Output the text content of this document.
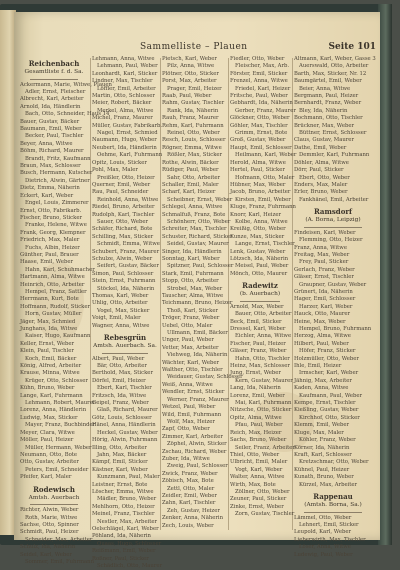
Sammelliste – Plauen	Seite 101
Reichenbach
Gesamtliste f. d. Sa.
Ackermann, Marie, Witwe, Plauen
Adler, Ernst, Fleischer
Albrecht, Karl, Arbeiter
Arnold, Ida, Händlerin
Bach, Otto, Schneider, Haus 14
Bauer, Gustav, Bäcker
Baumann, Emil, Weber
Becker, Paul, Tischler
Beyer, Anna, Witwe
Böhm, Richard, Maurer
Brandt, Fritz, Kaufmann
Braun, Max, Schlosser
Busch, Hermann, Kutscher
Dietrich, Alwin, Gärtner
Dietz, Emma, Näherin
Eckert, Karl, Weber
Engel, Louis, Zimmerer
Ernst, Otto, Fabrikarb.
Fischer, Bruno, Sticker
Franke, Helene, Witwe
Frank, Georg, Klempner
Friedrich, Max, Maler
Fuchs, Albin, Heizer
Günther, Paul, Brauer
Haase, Emil, Weber
Hahn, Karl, Schuhmacher
Hartmann, Alma, Witwe
Heinrich, Otto, Arbeiter
Hempel, Franz, Sattler
Herrmann, Kurt, Bote
Hoffmann, Rudolf, Sticker
Horn, Gustav, Müller
Jäger, Max, Schmied
Junghans, Ida, Witwe
Kaiser, Hugo, Kaufmann
Keller, Ernst, Weber
Klein, Paul, Tischler
Koch, Emil, Bäcker
König, Alfred, Arbeiter
Krause, Minna, Witwe
Krüger, Otto, Schlosser
Kühn, Bruno, Weber
Lange, Karl, Fuhrmann
Lehmann, Robert, Maurer
Lorenz, Anna, Händlerin
Ludwig, Max, Sticker
Mayer, Franz, Buchbinder
Meyer, Clara, Witwe
Möller, Paul, Heizer
Müller, Hermann, Weber
Neumann, Otto, Bote
Otto, Gustav, Arbeiter
Peters, Emil, Schneider
Pfeifer, Karl, Maler
Rodewisch
Amtsh. Auerbach
Richter, Alwin, Weber
Roth, Marie, Witwe
Sachse, Otto, Spinner
Schmidt, Paul, Heizer
Schneider, Max, Arbeiter
Schulz, Ida, Näherin
Seidel, Karl, Weber
Sommer, Emil, Fuhrmann
Lehmann, Anna, Witwe
Lehmann, Paul, Weber
Leonhardt, Karl, Sticker
Lindner, Max, Tischler
Löffler, Emil, Arbeiter
Martin, Otto, Schlosser
Meier, Robert, Bäcker
Merkel, Alma, Witwe
Michel, Franz, Maurer
Müller, Gustav, Fabrikarb.
Nagel, Ernst, Schmied
Naumann, Hugo, Weber
Neubert, Ida, Händlerin
Oehme, Karl, Fuhrmann
Opitz, Louis, Sticker
Pohl, Max, Maler
Preißler, Otto, Heizer
Querner, Emil, Weber
Rau, Paul, Schneider
Reinhold, Anna, Witwe
Riedel, Bruno, Arbeiter
Rudolph, Karl, Tischler
Sauer, Otto, Weber
Schäfer, Richard, Bote
Schilling, Max, Sticker
Schmidt, Emma, Witwe
Schubert, Franz, Maurer
Schulze, Alwin, Weber
Seifert, Gustav, Bäcker
Simon, Paul, Schlosser
Stein, Ernst, Fuhrmann
Stöckel, Ida, Näherin
Thomas, Karl, Weber
Uhlig, Otto, Arbeiter
Vogel, Max, Sticker
Voigt, Emil, Maler
Wagner, Anna, Witwe
Rebesgrün
Amtsh. Auerbach. Sa.
Albert, Paul, Weber
Bär, Otto, Arbeiter
Berthold, Max, Sticker
Dörfel, Emil, Heizer
Ebert, Karl, Tischler
Fritzsch, Ida, Witwe
Geipel, Franz, Weber
Glaß, Richard, Maurer
Götz, Louis, Schlosser
Hänel, Anna, Händlerin
Heckel, Gustav, Weber
Hörig, Alwin, Fuhrmann
Illing, Otto, Arbeiter
Jahn, Max, Bäcker
Kämpf, Emil, Sticker
Kästner, Karl, Weber
Kunzmann, Paul, Maler
Leistner, Ernst, Bote
Löscher, Emma, Witwe
Mädler, Bruno, Weber
Mehlhorn, Otto, Heizer
Meinel, Franz, Tischler
Nestler, Max, Arbeiter
Oelschlägel, Karl, Weber
Pöhland, Ida, Näherin
Quaas, Hugo, Schlosser
Reißmann, Emil, Weber
Roßner, Paul, Sticker
Schädlich, Otto, Maurer
Pietsch, Karl, Weber
Pilz, Anna, Witwe
Plötner, Otto, Sticker
Porst, Max, Arbeiter
Prager, Emil, Heizer
Raab, Paul, Weber
Rahm, Gustav, Tischler
Rank, Ida, Näherin
Rauh, Franz, Maurer
Rehm, Karl, Fuhrmann
Reinel, Otto, Weber
Resch, Louis, Schlosser
Rögner, Emma, Witwe
Rößler, Max, Sticker
Rothe, Alwin, Bäcker
Rüdiger, Paul, Weber
Sahr, Otto, Arbeiter
Schaller, Emil, Maler
Scharf, Karl, Heizer
Scheibner, Ernst, Weber
Schlegel, Anna, Witwe
Schmalfuß, Franz, Bote
Schönherr, Otto, Weber
Schreiter, Max, Tischler
Schuster, Richard, Sticker
Seidel, Gustav, Maurer
Singer, Ida, Händlerin
Sonntag, Karl, Weber
Spitzner, Paul, Schlosser
Stark, Emil, Fuhrmann
Stopp, Otto, Arbeiter
Strobel, Max, Weber
Tauscher, Alma, Witwe
Teichmann, Bruno, Heizer
Thoß, Karl, Sticker
Tröger, Franz, Weber
Uebel, Otto, Maler
Ullmann, Emil, Bäcker
Unger, Paul, Weber
Vetter, Max, Arbeiter
Viehweg, Ida, Näherin
Wächter, Karl, Weber
Walther, Otto, Tischler
Weidauer, Gustav, Schlosser
Weiß, Anna, Witwe
Wendler, Ernst, Sticker
Werner, Franz, Maurer
Wetzel, Paul, Weber
Wild, Emil, Fuhrmann
Wolf, Max, Heizer
Zapf, Otto, Weber
Zimmer, Karl, Arbeiter
Zöphel, Alwin, Sticker
Zschau, Richard, Weber
Zuber, Ida, Witwe
Zweig, Paul, Schlosser
Zwick, Franz, Weber
Zöbisch, Max, Bote
Zettl, Otto, Maler
Zeidler, Emil, Weber
Zahn, Karl, Tischler
Zeh, Gustav, Heizer
Zenker, Anna, Näherin
Zech, Louis, Weber
Fiedler, Otto, Weber
Fleischer, Max, Arb.
Förster, Emil, Sticker
Frenzel, Anna, Witwe
Friedel, Karl, Heizer
Fritsche, Paul, Weber
Gebhardt, Ida, Näherin
Gerber, Franz, Maurer
Glöckner, Otto, Weber
Göhler, Max, Tischler
Grimm, Ernst, Bote
Groß, Gustav, Weber
Haupt, Emil, Schlosser
Heilmann, Karl, Weber
Herold, Alma, Witwe
Hertel, Paul, Sticker
Hofmann, Otto, Maler
Hübner, Max, Weber
Jacob, Bruno, Arbeiter
Kirsten, Emil, Weber
Kluge, Franz, Fuhrmann
Knorr, Karl, Heizer
Kolbe, Anna, Witwe
Kreißig, Otto, Weber
Kunze, Max, Sticker
Lange, Ernst, Tischler
Lenk, Gustav, Weber
Lötzsch, Ida, Näherin
Meisel, Paul, Weber
Mönch, Otto, Maurer
Radewitz
(b. Auerbach)
Arnold, Max, Weber
Bauer, Otto, Arbeiter
Beck, Emil, Sticker
Dressel, Karl, Weber
Eichler, Anna, Witwe
Fischer, Paul, Heizer
Gläser, Franz, Weber
Hahn, Otto, Tischler
Heinz, Max, Schlosser
Jung, Ernst, Weber
Kern, Gustav, Maurer
Lang, Ida, Näherin
Lorenz, Emil, Weber
Mai, Karl, Fuhrmann
Nitzsche, Otto, Sticker
Opitz, Alma, Witwe
Pfau, Paul, Weber
Reich, Max, Heizer
Sachs, Bruno, Weber
Seiler, Franz, Arbeiter
Thiel, Otto, Weber
Ulbricht, Emil, Maler
Vogt, Karl, Weber
Walter, Anna, Witwe
Wirth, Max, Bote
Zöllner, Otto, Weber
Zeuner, Paul, Sticker
Zinke, Ernst, Weber
Zorn, Gustav, Tischler
Altmann, Karl, Weber, Gasse 3
Auerswald, Otto, Arbeiter
Barth, Max, Sticker, Nr. 12
Baumgärtel, Emil, Weber
Beier, Anna, Witwe
Bergmann, Paul, Heizer
Bernhardt, Franz, Weber
Bley, Ida, Näherin
Bochmann, Otto, Tischler
Brückner, Max, Weber
Büttner, Ernst, Schlosser
Claus, Gustav, Maurer
Dathe, Emil, Weber
Demmler, Karl, Fuhrmann
Döhler, Alma, Witwe
Dörr, Paul, Sticker
Ebert, Otto, Weber
Enders, Max, Maler
Erler, Bruno, Weber
Fankhänel, Emil, Arbeiter
Ramsdorf
(A. Borna, Leipzig)
Findeisen, Karl, Weber
Flemming, Otto, Heizer
Franz, Anna, Witwe
Freitag, Max, Weber
Frey, Paul, Sticker
Gerlach, Franz, Weber
Gläser, Ernst, Tischler
Graupner, Gustav, Weber
Grünert, Ida, Näherin
Hager, Emil, Schlosser
Harzer, Karl, Weber
Hauck, Otto, Maurer
Heine, Max, Weber
Hempel, Bruno, Fuhrmann
Herzog, Alma, Witwe
Hilbert, Paul, Weber
Höfer, Franz, Sticker
Holzmüller, Otto, Weber
Ihle, Emil, Heizer
Irmscher, Karl, Weber
Jähnig, Max, Arbeiter
Kaden, Anna, Witwe
Kaufmann, Paul, Weber
Kempe, Ernst, Tischler
Kießling, Gustav, Weber
Kirchhof, Otto, Sticker
Klemm, Emil, Weber
Kluge, Max, Maler
Köhler, Franz, Weber
Körner, Ida, Näherin
Kraft, Karl, Schlosser
Kretzschmar, Otto, Weber
Kühnel, Paul, Heizer
Kunath, Bruno, Weber
Kürzel, Max, Arbeiter
Rappenau
(Amtsh. Borna, Sa.)
Lämmel, Otto, Weber
Lehnert, Emil, Sticker
Leupold, Karl, Weber
Lieberwirth, Max, Tischler
Löser, Anna, Witwe
Ludewig, Paul, Weber
